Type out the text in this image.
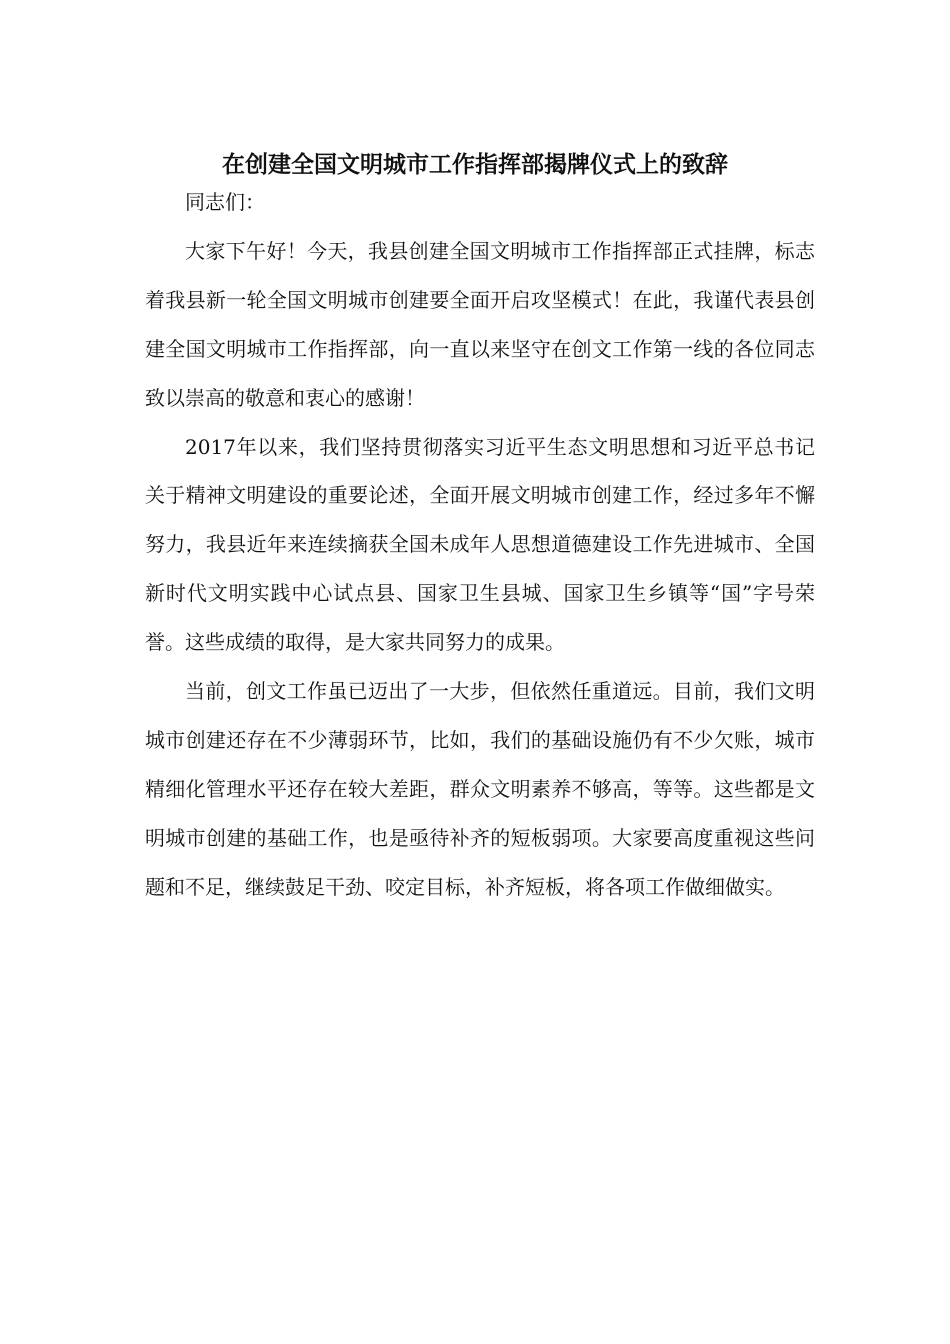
在创建全国文明城市工作指挥部揭牌仪式上的致辞

同志们：

大家下午好！今天，我县创建全国文明城市工作指挥部正式挂牌，标志着我县新一轮全国文明城市创建要全面开启攻坚模式！在此，我谨代表县创建全国文明城市工作指挥部，向一直以来坚守在创文工作第一线的各位同志致以崇高的敬意和衷心的感谢！

2017年以来，我们坚持贯彻落实习近平生态文明思想和习近平总书记关于精神文明建设的重要论述，全面开展文明城市创建工作，经过多年不懈努力，我县近年来连续摘获全国未成年人思想道德建设工作先进城市、全国新时代文明实践中心试点县、国家卫生县城、国家卫生乡镇等“国”字号荣誉。这些成绩的取得，是大家共同努力的成果。

当前，创文工作虽已迈出了一大步，但依然任重道远。目前，我们文明城市创建还存在不少薄弱环节，比如，我们的基础设施仍有不少欠账，城市精细化管理水平还存在较大差距，群众文明素养不够高，等等。这些都是文明城市创建的基础工作，也是亟待补齐的短板弱项。大家要高度重视这些问题和不足，继续鼓足干劲、咬定目标，补齐短板，将各项工作做细做实。
